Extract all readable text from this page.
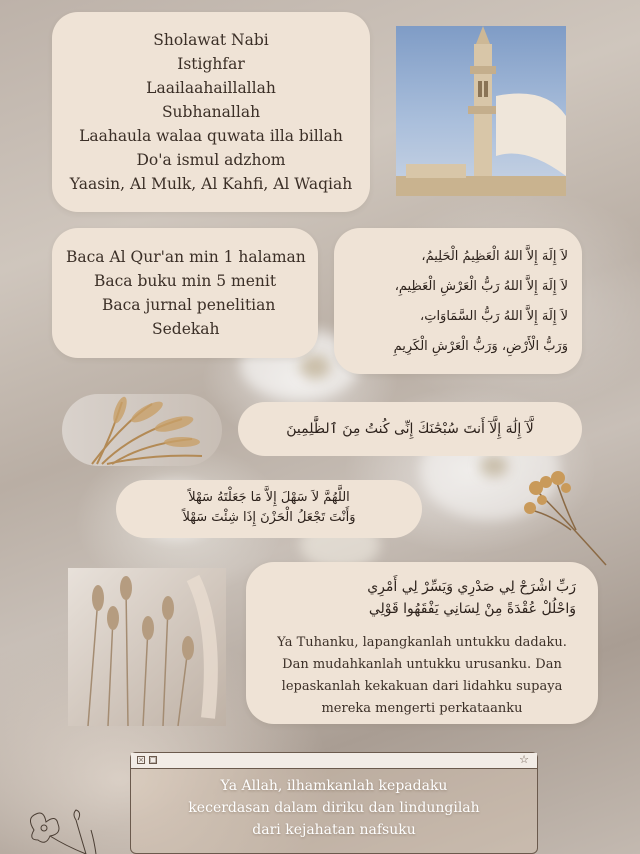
Sholawat Nabi
Istighfar
Laailaahaillallah
Subhanallah
Laahaula walaa quwata illa billah
Do'a ismul adzhom
Yaasin, Al Mulk, Al Kahfi, Al Waqiah
Baca Al Qur'an min 1 halaman
Baca buku min 5 menit
Baca jurnal penelitian
Sedekah
لاَ إِلَهَ إِلاَّ اللهُ الْعَظِيمُ الْحَلِيمُ،
لاَ إِلَهَ إِلاَّ اللهُ رَبُّ الْعَرْشِ الْعَظِيمِ،
لاَ إِلَهَ إِلاَّ اللهُ رَبُّ السَّمَاوَاتِ،
وَرَبُّ الْأَرْضِ، وَرَبُّ الْعَرْشِ الْكَرِيمِ
لَّآ إِلَٰهَ إِلَّآ أَنتَ سُبْحَٰنَكَ إِنِّى كُنتُ مِنَ ٱلظَّٰلِمِينَ
اللَّهُمَّ لاَ سَهْلَ إِلاَّ مَا جَعَلْتَهُ سَهْلاً
وَأَنْتَ تَجْعَلُ الْحَزْنَ إِذَا شِئْتَ سَهْلاً
رَبِّ اشْرَحْ لِي صَدْرِي وَيَسِّرْ لِي أَمْرِي
وَاحْلُلْ عُقْدَةً مِنْ لِسَانِي يَفْقَهُوا قَوْلِي
Ya Tuhanku, lapangkanlah untukku dadaku.
Dan mudahkanlah untukku urusanku. Dan
lepaskanlah kekakuan dari lidahku supaya
mereka mengerti perkataanku
× □	☆
Ya Allah, ilhamkanlah kepadaku
kecerdasan dalam diriku dan lindungilah
dari kejahatan nafsuku
